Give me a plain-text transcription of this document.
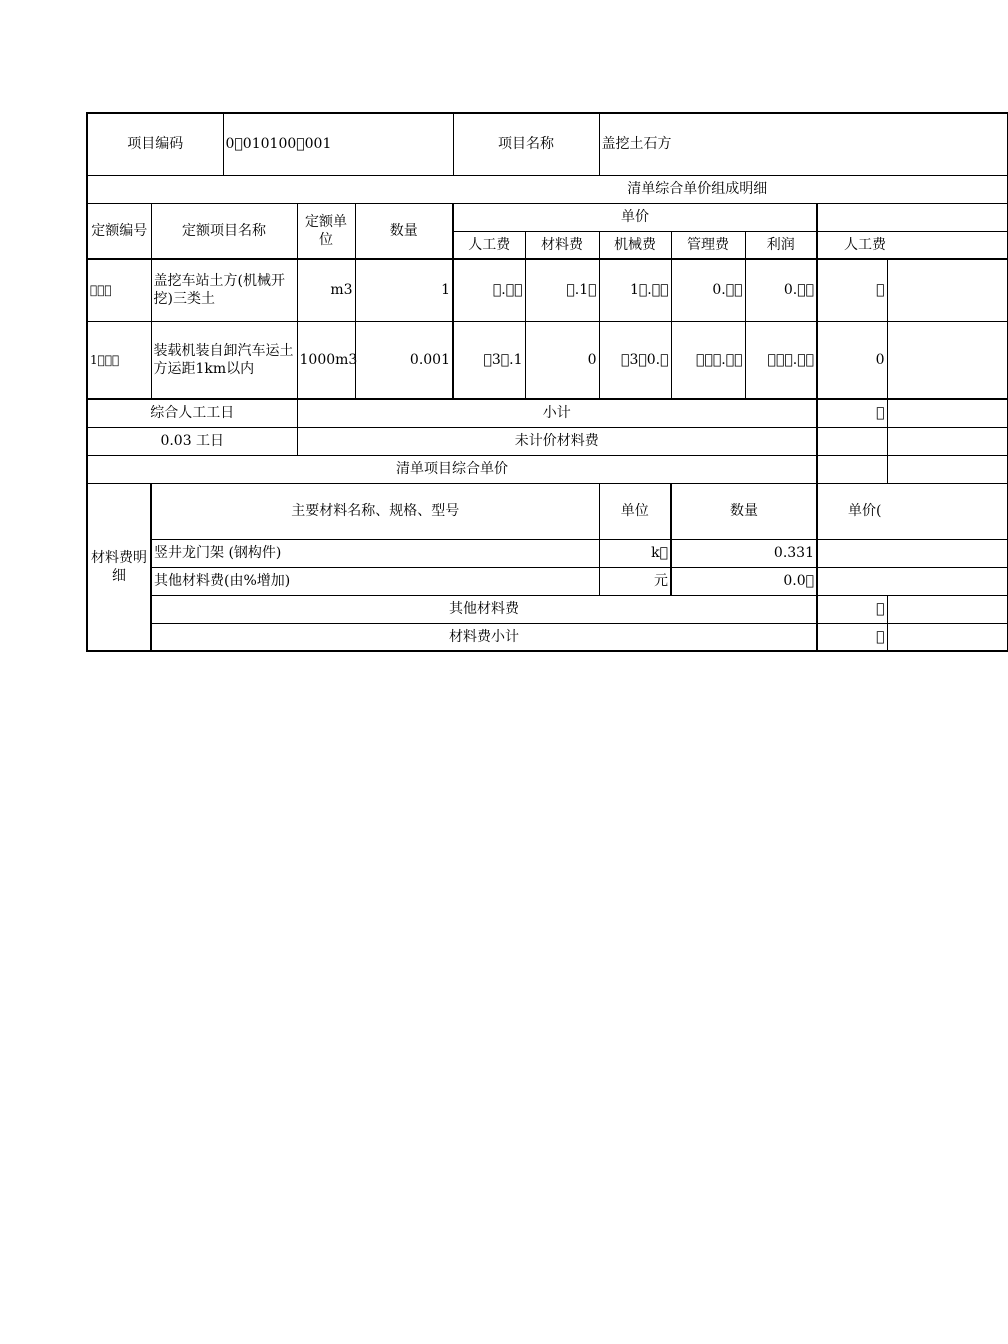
项目编码		0􀀀010100􀀀001			项目名称		盖挖土石方				
清单综合单价组成明细											
定额编号	定额项目名称		定额单位	数量	单价						
					人工费	材料费	机械费	管理费	利润	人工费	
􀀀􀀀􀀀	盖挖车站土方(机械开挖)三类土		m3	1	􀀀.􀀀􀀀	􀀀.1􀀀	1􀀀.􀀀􀀀	0.􀀀􀀀	0.􀀀􀀀	􀀀	
1􀀀􀀀􀀀	装载机装自卸汽车运土方运距1km以内		1000m3	0.001	􀀀3􀀀.1	0	􀀀3􀀀0.􀀀	􀀀􀀀􀀀.􀀀􀀀	􀀀􀀀􀀀.􀀀􀀀	0	
综合人工工日			小计							􀀀	
0.03 工日			未计价材料费								
清单项目综合单价											
材料费明细	主要材料名称、规格、型号						单位	数量		单价(	
	竖井龙门架 (钢构件)						k􀀀	0.331			
	其他材料费(由%增加)						元	0.0􀀀			
	其他材料费									􀀀	
	材料费小计									􀀀	
